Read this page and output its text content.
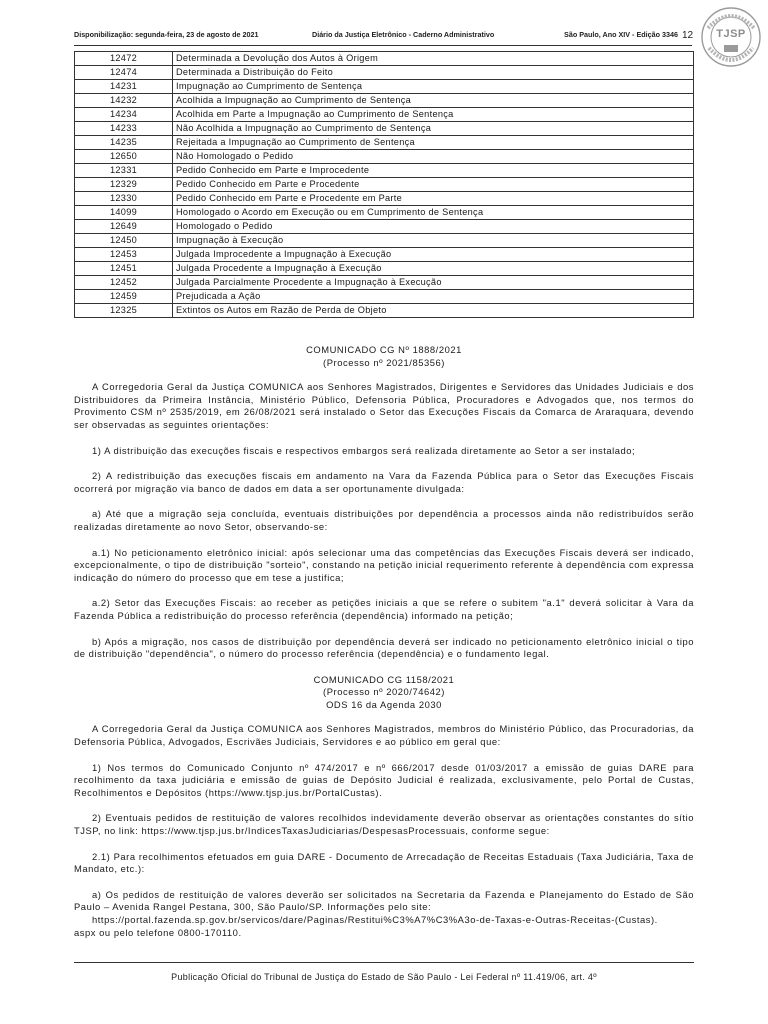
Disponibilização: segunda-feira, 23 de agosto de 2021	Diário da Justiça Eletrônico - Caderno Administrativo	São Paulo, Ano XIV - Edição 3346 12	TJSP
12472	Determinada a Devolução dos Autos à Origem
12474	Determinada a Distribuição do Feito
14231	Impugnação ao Cumprimento de Sentença
14232	Acolhida a Impugnação ao Cumprimento de Sentença
14234	Acolhida em Parte a Impugnação ao Cumprimento de Sentença
14233	Não Acolhida a Impugnação ao Cumprimento de Sentença
14235	Rejeitada a Impugnação ao Cumprimento de Sentença
12650	Não Homologado o Pedido
12331	Pedido Conhecido em Parte e Improcedente
12329	Pedido Conhecido em Parte e Procedente
12330	Pedido Conhecido em Parte e Procedente em Parte
14099	Homologado o Acordo em Execução ou em Cumprimento de Sentença
12649	Homologado o Pedido
12450	Impugnação à Execução
12453	Julgada Improcedente a Impugnação à Execução
12451	Julgada Procedente a Impugnação à Execução
12452	Julgada Parcialmente Procedente a Impugnação à Execução
12459	Prejudicada a Ação
12325	Extintos os Autos em Razão de Perda de Objeto

COMUNICADO CG Nº 1888/2021

(Processo nº 2021/85356)

A Corregedoria Geral da Justiça COMUNICA aos Senhores Magistrados, Dirigentes e Servidores das Unidades Judiciais e dos Distribuidores da Primeira Instância, Ministério Público, Defensoria Pública, Procuradores e Advogados que, nos termos do Provimento CSM nº 2535/2019, em 26/08/2021 será instalado o Setor das Execuções Fiscais da Comarca de Araraquara, devendo ser observadas as seguintes orientações:

1) A distribuição das execuções fiscais e respectivos embargos será realizada diretamente ao Setor a ser instalado;

2) A redistribuição das execuções fiscais em andamento na Vara da Fazenda Pública para o Setor das Execuções Fiscais ocorrerá por migração via banco de dados em data a ser oportunamente divulgada:

a) Até que a migração seja concluída, eventuais distribuições por dependência a processos ainda não redistribuídos serão realizadas diretamente ao novo Setor, observando-se:

a.1) No peticionamento eletrônico inicial: após selecionar uma das competências das Execuções Fiscais deverá ser indicado, excepcionalmente, o tipo de distribuição "sorteio", constando na petição inicial requerimento referente à dependência com expressa indicação do número do processo que em tese a justifica;

a.2) Setor das Execuções Fiscais: ao receber as petições iniciais a que se refere o subitem "a.1" deverá solicitar à Vara da Fazenda Pública a redistribuição do processo referência (dependência) informado na petição;

b) Após a migração, nos casos de distribuição por dependência deverá ser indicado no peticionamento eletrônico inicial o tipo de distribuição "dependência", o número do processo referência (dependência) e o fundamento legal.

COMUNICADO CG 1158/2021

(Processo nº 2020/74642)

ODS 16 da Agenda 2030

A Corregedoria Geral da Justiça COMUNICA aos Senhores Magistrados, membros do Ministério Público, das Procuradorias, da Defensoria Pública, Advogados, Escrivães Judiciais, Servidores e ao público em geral que:

1) Nos termos do Comunicado Conjunto nº 474/2017 e nº 666/2017 desde 01/03/2017 a emissão de guias DARE para recolhimento da taxa judiciária e emissão de guias de Depósito Judicial é realizada, exclusivamente, pelo Portal de Custas, Recolhimentos e Depósitos (https://www.tjsp.jus.br/PortalCustas).

2) Eventuais pedidos de restituição de valores recolhidos indevidamente deverão observar as orientações constantes do sítio TJSP, no link: https://www.tjsp.jus.br/IndicesTaxasJudiciarias/DespesasProcessuais, conforme segue:

2.1) Para recolhimentos efetuados em guia DARE - Documento de Arrecadação de Receitas Estaduais (Taxa Judiciária, Taxa de Mandato, etc.):

a) Os pedidos de restituição de valores deverão ser solicitados na Secretaria da Fazenda e Planejamento do Estado de São Paulo – Avenida Rangel Pestana, 300, São Paulo/SP. Informações pelo site:

https://portal.fazenda.sp.gov.br/servicos/dare/Paginas/Restitui%C3%A7%C3%A3o-de-Taxas-e-Outras-Receitas-(Custas).

aspx ou pelo telefone 0800-170110.

Publicação Oficial do Tribunal de Justiça do Estado de São Paulo - Lei Federal nº 11.419/06, art. 4º
